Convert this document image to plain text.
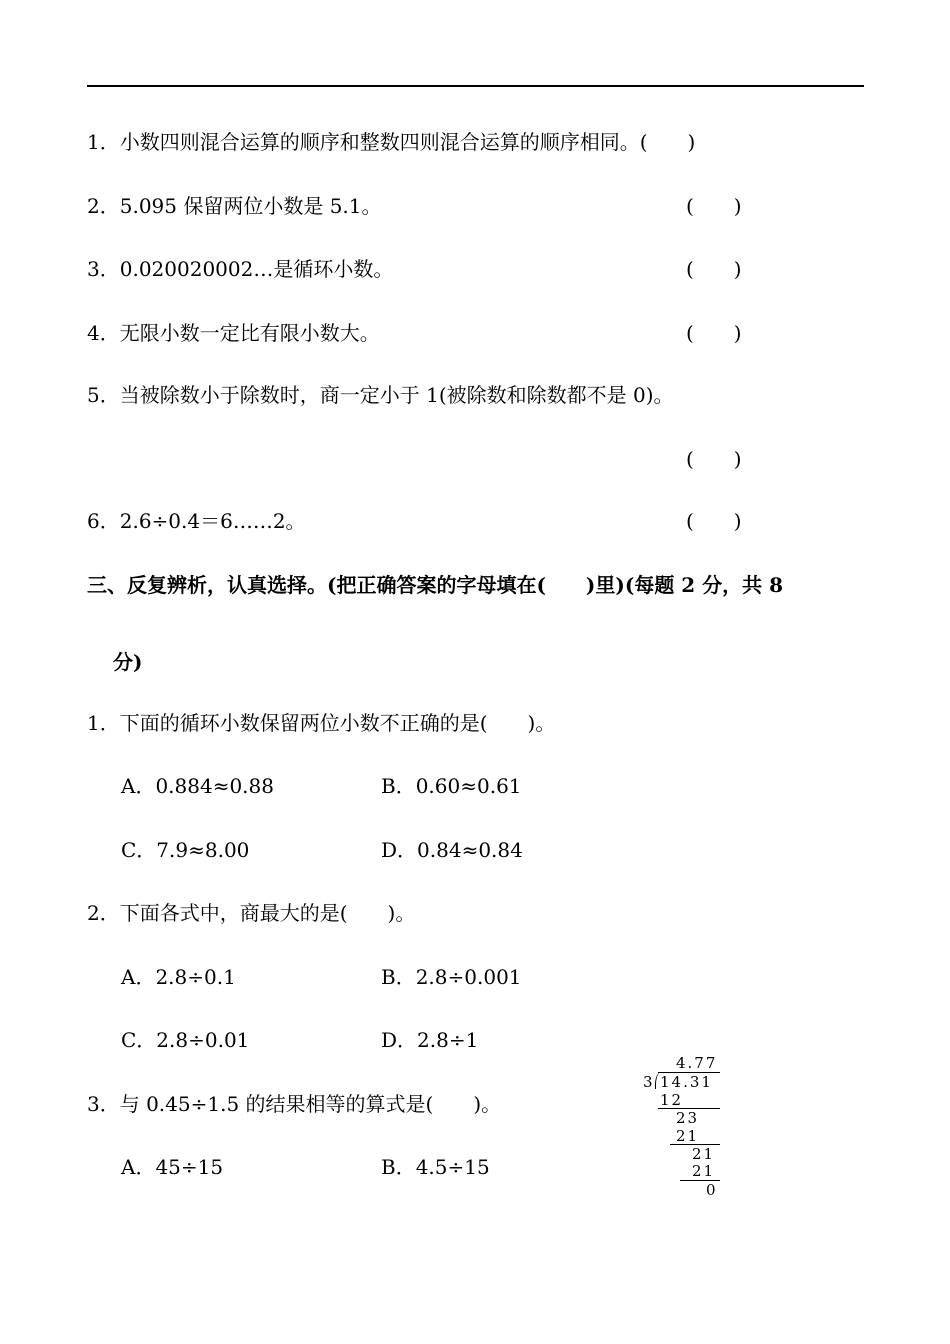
1．小数四则混合运算的顺序和整数四则混合运算的顺序相同。(　　)
2．5.095 保留两位小数是 5.1。	(　　)
3．0.020020002…是循环小数。	(　　)
4．无限小数一定比有限小数大。	(　　)
5．当被除数小于除数时，商一定小于 1(被除数和除数都不是 0)。
(　　)
6．2.6÷0.4＝6……2。	(　　)
三、反复辨析，认真选择。(把正确答案的字母填在(　　)里)(每题 2 分，共 8
分)
1．下面的循环小数保留两位小数不正确的是(　　)。
A．0.884≈0.88	B．0.60≈0.61
C．7.9≈8.00	D．0.84≈0.84
2．下面各式中，商最大的是(　　)。
A．2.8÷0.1	B．2.8÷0.001
C．2.8÷0.01	D．2.8÷1
3．与 0.45÷1.5 的结果相等的算式是(　　)。
A．45÷15	B．4.5÷15
4.77
3 14.31
12
23
21
21
21
0
